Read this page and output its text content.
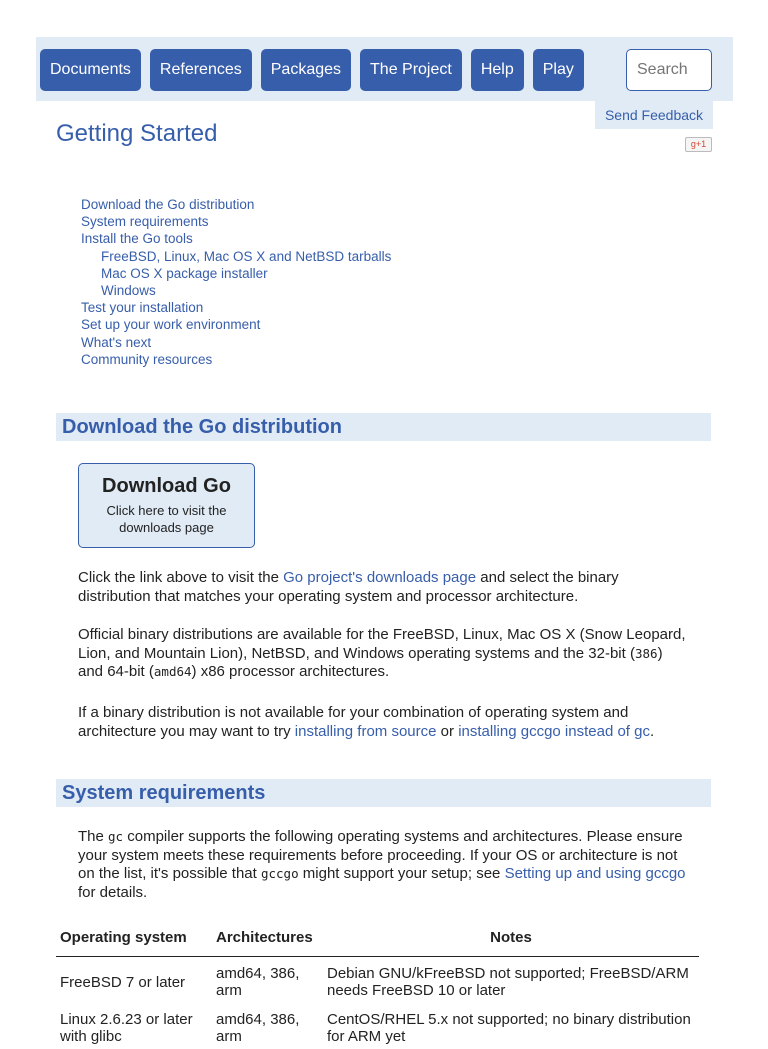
Documents	References	Packages	The Project	Help	Play
Search
Send Feedback
g+1
Getting Started
Download the Go distribution
System requirements
Install the Go tools
FreeBSD, Linux, Mac OS X and NetBSD tarballs
Mac OS X package installer
Windows
Test your installation
Set up your work environment
What's next
Community resources
Download the Go distribution
Download Go
Click here to visit the downloads page

Click the link above to visit the Go project's downloads page and select the binary distribution that matches your operating system and processor architecture.

Official binary distributions are available for the FreeBSD, Linux, Mac OS X (Snow Leopard, Lion, and Mountain Lion), NetBSD, and Windows operating systems and the 32-bit (386) and 64-bit (amd64) x86 processor architectures.

If a binary distribution is not available for your combination of operating system and architecture you may want to try installing from source or installing gccgo instead of gc.

System requirements

The gc compiler supports the following operating systems and architectures. Please ensure your system meets these requirements before proceeding. If your OS or architecture is not on the list, it's possible that gccgo might support your setup; see Setting up and using gccgo for details.

Operating system	Architectures	Notes
FreeBSD 7 or later	amd64, 386, arm	Debian GNU/kFreeBSD not supported; FreeBSD/ARM needs FreeBSD 10 or later
Linux 2.6.23 or later with glibc	amd64, 386, arm	CentOS/RHEL 5.x not supported; no binary distribution for ARM yet
